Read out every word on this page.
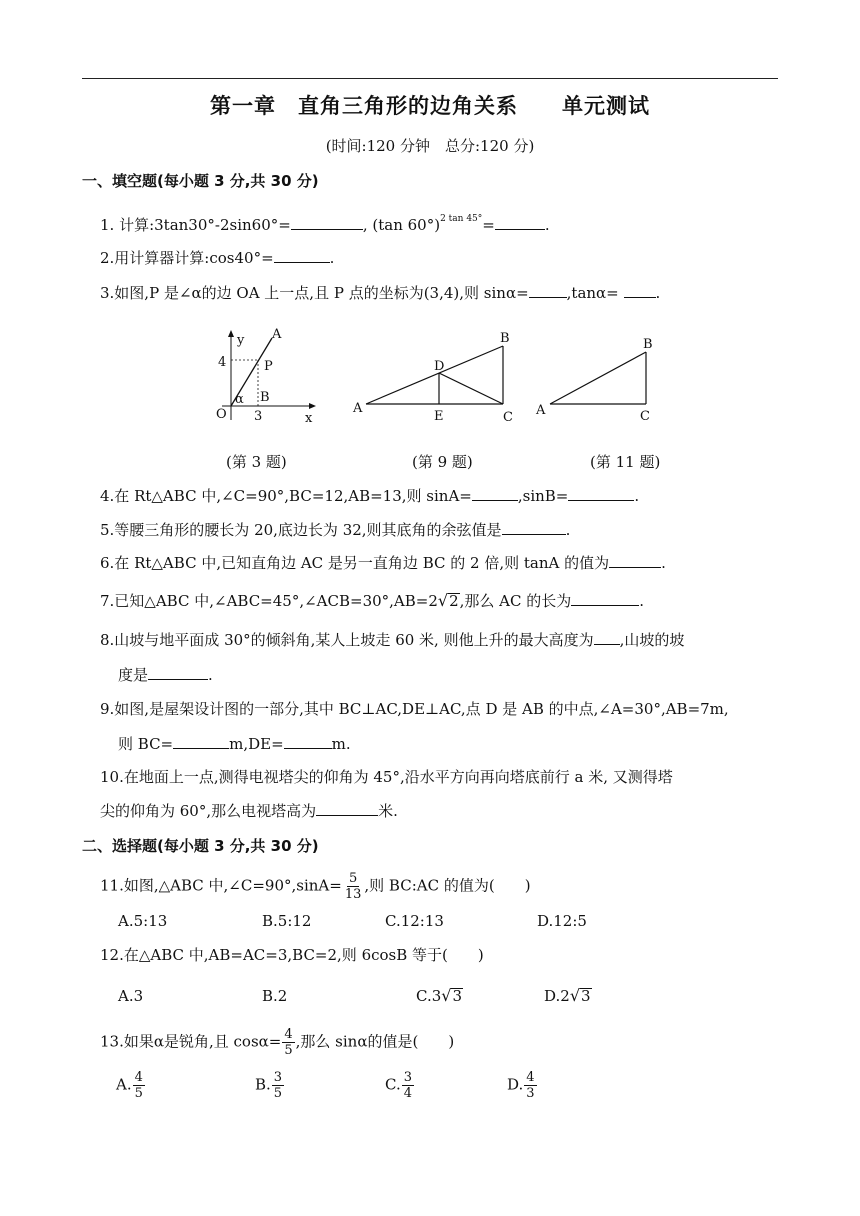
第一章　直角三角形的边角关系　　单元测试
(时间:120 分钟　总分:120 分)
一、填空题(每小题 3 分,共 30 分)
1. 计算:3tan30°-2sin60°=	, (tan 60°)$^{2 tan 45^\circ}$=	.
2.用计算器计算:cos40°=	.
3.如图,P 是∠α的边 OA 上一点,且 P 点的坐标为(3,4),则 sinα=	,tanα= .
y A
4	P
B
α
O 3	x
A
B
C
D
E	A
B
C
(第 3 题)	(第 9 题)	(第 11 题)
4.在 Rt△ABC 中,∠C=90°,BC=12,AB=13,则 sinA=	,sinB=	.
5.等腰三角形的腰长为 20,底边长为 32,则其底角的余弦值是	.
6.在 Rt△ABC 中,已知直角边 AC 是另一直角边 BC 的 2 倍,则 tanA 的值为	.
7.已知△ABC 中,∠ABC=45°,∠ACB=30°,AB=2 √ 2 ,那么 AC 的长为	.
8.山坡与地平面成 30°的倾斜角,某人上坡走 60 米, 则他上升的最大高度为 ,山坡的坡
度是	.
9.如图,是屋架设计图的一部分,其中 BC⊥AC,DE⊥AC,点 D 是 AB 的中点,∠A=30°,AB=7m,
则 BC=	m,DE=	m.
10.在地面上一点,测得电视塔尖的仰角为 45°,沿水平方向再向塔底前行 a 米, 又测得塔
尖的仰角为 60°,那么电视塔高为	米.
二、选择题(每小题 3 分,共 30 分)
11.如图,△ABC 中,∠C=90°,sinA= $\frac{5}{13}$ ,则 BC:AC 的值为(　　)
A.5:13	B.5:12	C.12:13	D.12:5
12.在△ABC 中,AB=AC=3,BC=2,则 6cosB 等于(　　)
A.3	B.2	C.3 √ 3	D.2 √ 3
13.如果α是锐角,且 $\cos\alpha= \frac{4}{5}$ ,那么 sinα的值是(　　)
A. $\frac{4}{5}$	B. $\frac{3}{5}$	C. $\frac{3}{4}$	D. $\frac{4}{3}$
